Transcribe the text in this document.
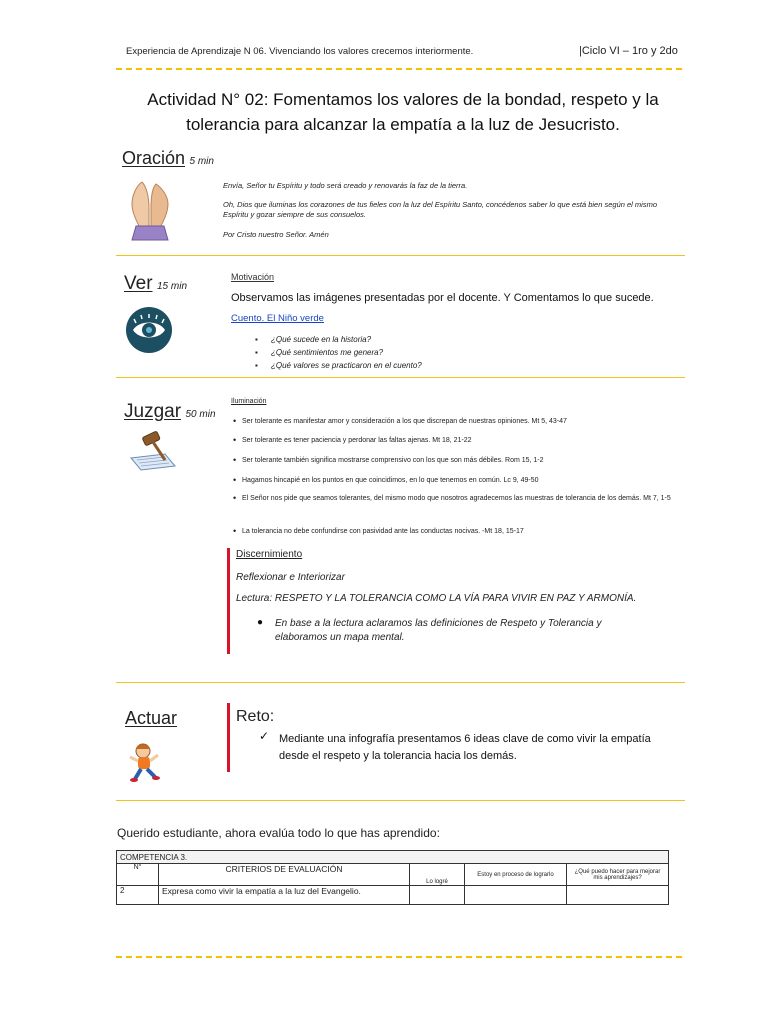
Experiencia de Aprendizaje N 06. Vivenciando los valores crecemos interiormente.	|Ciclo VI – 1ro y 2do
Actividad N° 02: Fomentamos los valores de la bondad, respeto y la tolerancia para alcanzar la empatía a la luz de Jesucristo.
Oración 5 min
Envía, Señor tu Espíritu y todo será creado y renovarás la faz de la tierra.
Oh, Dios que iluminas los corazones de tus fieles con la luz del Espíritu Santo, concédenos saber lo que está bien según el mismo Espíritu y gozar siempre de sus consuelos.
Por Cristo nuestro Señor. Amén
Ver 15 min
Motivación
Observamos las imágenes presentadas por el docente. Y Comentamos lo que sucede.
Cuento. El Niño verde
▪ ¿Qué sucede en la historia?
▪ ¿Qué sentimientos me genera?
▪ ¿Qué valores se practicaron en el cuento?
Juzgar 50 min
Iluminación
• Ser tolerante es manifestar amor y consideración a los que discrepan de nuestras opiniones. Mt 5, 43-47
• Ser tolerante es tener paciencia y perdonar las faltas ajenas. Mt 18, 21-22
• Ser tolerante también significa mostrarse comprensivo con los que son más débiles. Rom 15, 1-2
• Hagamos hincapié en los puntos en que coincidimos, en lo que tenemos en común. Lc 9, 49-50
• El Señor nos pide que seamos tolerantes, del mismo modo que nosotros agradecemos las muestras de tolerancia de los demás. Mt 7, 1-5
• La tolerancia no debe confundirse con pasividad ante las conductas nocivas. -Mt 18, 15-17
Discernimiento
Reflexionar e Interiorizar
Lectura: RESPETO Y LA TOLERANCIA COMO LA VÍA PARA VIVIR EN PAZ Y ARMONÍA.
● En base a la lectura aclaramos las definiciones de Respeto y Tolerancia y elaboramos un mapa mental.
Actuar	Reto:
✓ Mediante una infografía presentamos 6 ideas clave de como vivir la empatía desde el respeto y la tolerancia hacia los demás.
Querido estudiante, ahora evalúa todo lo que has aprendido:
COMPETENCIA 3.				
N°	CRITERIOS DE EVALUACIÓN	Lo logré	Estoy en proceso de lograrlo	¿Qué puedo hacer para mejorar mis aprendizajes?
2	Expresa como vivir la empatía a la luz del Evangelio.			
